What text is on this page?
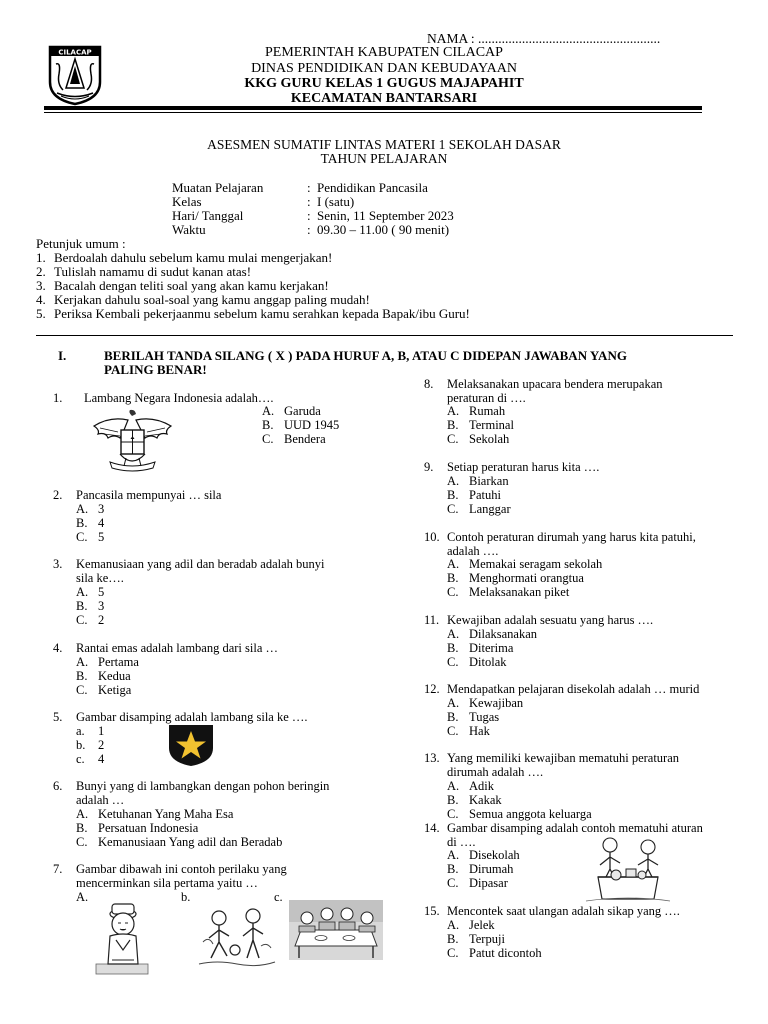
NAMA : ......................................................
CILACAP	PEMERINTAH KABUPATEN CILACAP
DINAS PENDIDIKAN DAN KEBUDAYAAN
KKG GURU KELAS 1 GUGUS MAJAPAHIT
KECAMATAN BANTARSARI
ASESMEN SUMATIF LINTAS MATERI 1 SEKOLAH DASAR
TAHUN PELAJARAN
Muatan Pelajaran	: Pendidikan Pancasila
Kelas	: I (satu)
Hari/ Tanggal	: Senin, 11 September 2023
Waktu	: 09.30 – 11.00 ( 90 menit)
Petunjuk umum :
1. Berdoalah dahulu sebelum kamu mulai mengerjakan!
2. Tulislah namamu di sudut kanan atas!
3. Bacalah dengan teliti soal yang akan kamu kerjakan!
4. Kerjakan dahulu soal-soal yang kamu anggap paling mudah!
5. Periksa Kembali pekerjaanmu sebelum kamu serahkan kepada Bapak/ibu Guru!
I.	BERILAH TANDA SILANG ( X ) PADA HURUF A, B, ATAU C DIDEPAN JAWABAN YANG
PALING BENAR!
1. Lambang Negara Indonesia adalah….
A. Garuda
B. UUD 1945
C. Bendera
2. Pancasila mempunyai … sila
A. 3
B. 4
C. 5
3. Kemanusiaan yang adil dan beradab adalah bunyi
sila ke….
A. 5
B. 3
C. 2
4. Rantai emas adalah lambang dari sila …
A. Pertama
B. Kedua
C. Ketiga
5. Gambar disamping adalah lambang sila ke ….
a. 1
b. 2
c. 4
6. Bunyi yang di lambangkan dengan pohon beringin
adalah …
A. Ketuhanan Yang Maha Esa
B. Persatuan Indonesia
C. Kemanusiaan Yang adil dan Beradab
7. Gambar dibawah ini contoh perilaku yang
mencerminkan sila pertama yaitu …
A.	b.	c.
8. Melaksanakan upacara bendera merupakan
peraturan di ….
A. Rumah
B. Terminal
C. Sekolah
9. Setiap peraturan harus kita ….
A. Biarkan
B. Patuhi
C. Langgar
10. Contoh peraturan dirumah yang harus kita patuhi,
adalah ….
A. Memakai seragam sekolah
B. Menghormati orangtua
C. Melaksanakan piket
11. Kewajiban adalah sesuatu yang harus ….
A. Dilaksanakan
B. Diterima
C. Ditolak
12. Mendapatkan pelajaran disekolah adalah … murid
A. Kewajiban
B. Tugas
C. Hak
13. Yang memiliki kewajiban mematuhi peraturan
dirumah adalah ….
A. Adik
B. Kakak
C. Semua anggota keluarga
14. Gambar disamping adalah contoh mematuhi aturan
di ….
A. Disekolah
B. Dirumah
C. Dipasar
15. Mencontek saat ulangan adalah sikap yang ….
A. Jelek
B. Terpuji
C. Patut dicontoh
